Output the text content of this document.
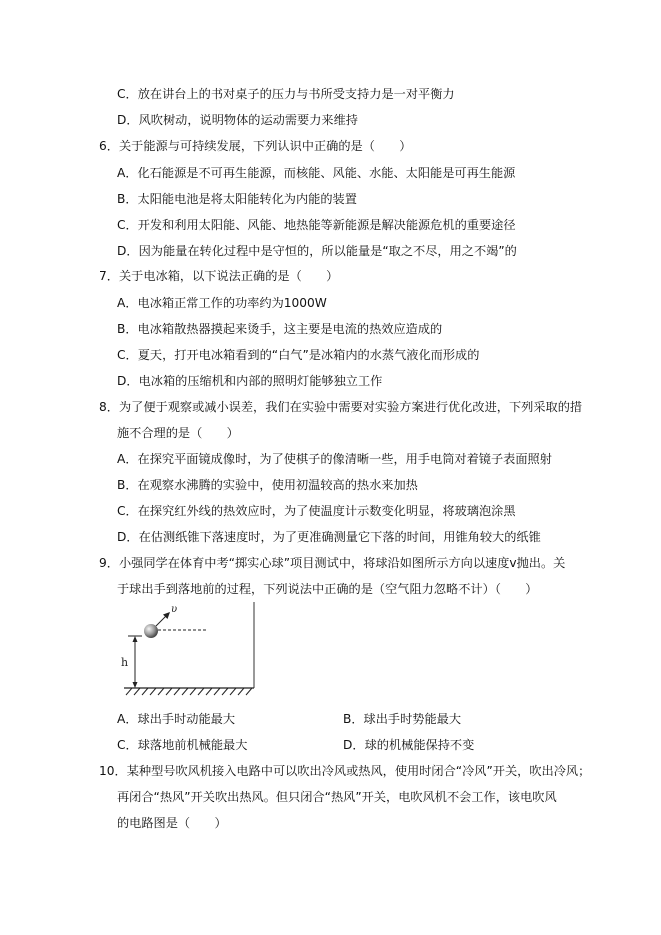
C．放在讲台上的书对桌子的压力与书所受支持力是一对平衡力
D．风吹树动，说明物体的运动需要力来维持
6．关于能源与可持续发展，下列认识中正确的是（　　）
A．化石能源是不可再生能源，而核能、风能、水能、太阳能是可再生能源
B．太阳能电池是将太阳能转化为内能的装置
C．开发和利用太阳能、风能、地热能等新能源是解决能源危机的重要途径
D．因为能量在转化过程中是守恒的，所以能量是“取之不尽，用之不竭”的
7．关于电冰箱，以下说法正确的是（　　）
A．电冰箱正常工作的功率约为1000W
B．电冰箱散热器摸起来烫手，这主要是电流的热效应造成的
C．夏天，打开电冰箱看到的“白气”是冰箱内的水蒸气液化而形成的
D．电冰箱的压缩机和内部的照明灯能够独立工作
8．为了便于观察或减小误差，我们在实验中需要对实验方案进行优化改进，下列采取的措
施不合理的是（　　）
A．在探究平面镜成像时，为了使棋子的像清晰一些，用手电筒对着镜子表面照射
B．在观察水沸腾的实验中，使用初温较高的热水来加热
C．在探究红外线的热效应时，为了使温度计示数变化明显，将玻璃泡涂黑
D．在估测纸锥下落速度时，为了更准确测量它下落的时间，用锥角较大的纸锥
9．小强同学在体育中考“掷实心球”项目测试中，将球沿如图所示方向以速度v抛出。关
于球出手到落地前的过程，下列说法中正确的是（空气阻力忽略不计）（　　）
υ
h
A．球出手时动能最大	B．球出手时势能最大
C．球落地前机械能最大	D．球的机械能保持不变
10．某种型号吹风机接入电路中可以吹出冷风或热风，使用时闭合“冷风”开关，吹出冷风；
再闭合“热风”开关吹出热风。但只闭合“热风”开关，电吹风机不会工作，该电吹风
的电路图是（　　）
